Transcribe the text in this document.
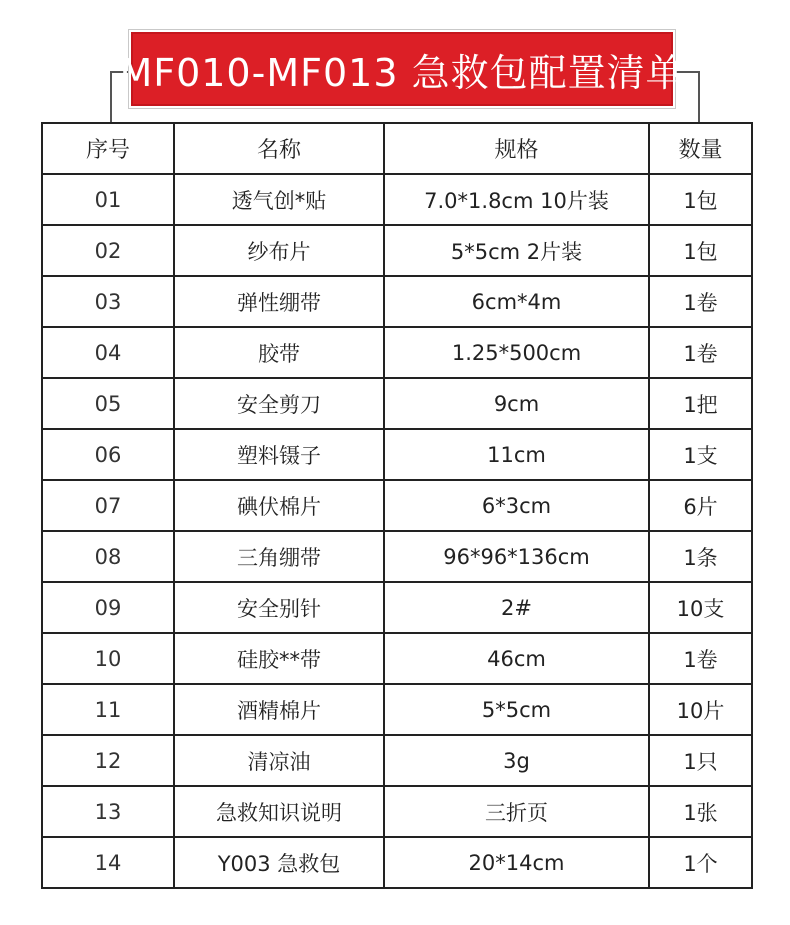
MF010-MF013 急救包配置清单
序号	名称	规格	数量
01	透气创*贴	7.0*1.8cm 10片装	1包
02	纱布片	5*5cm 2片装	1包
03	弹性绷带	6cm*4m	1卷
04	胶带	1.25*500cm	1卷
05	安全剪刀	9cm	1把
06	塑料镊子	11cm	1支
07	碘伏棉片	6*3cm	6片
08	三角绷带	96*96*136cm	1条
09	安全别针	2#	10支
10	硅胶**带	46cm	1卷
11	酒精棉片	5*5cm	10片
12	清凉油	3g	1只
13	急救知识说明	三折页	1张
14	Y003 急救包	20*14cm	1个
